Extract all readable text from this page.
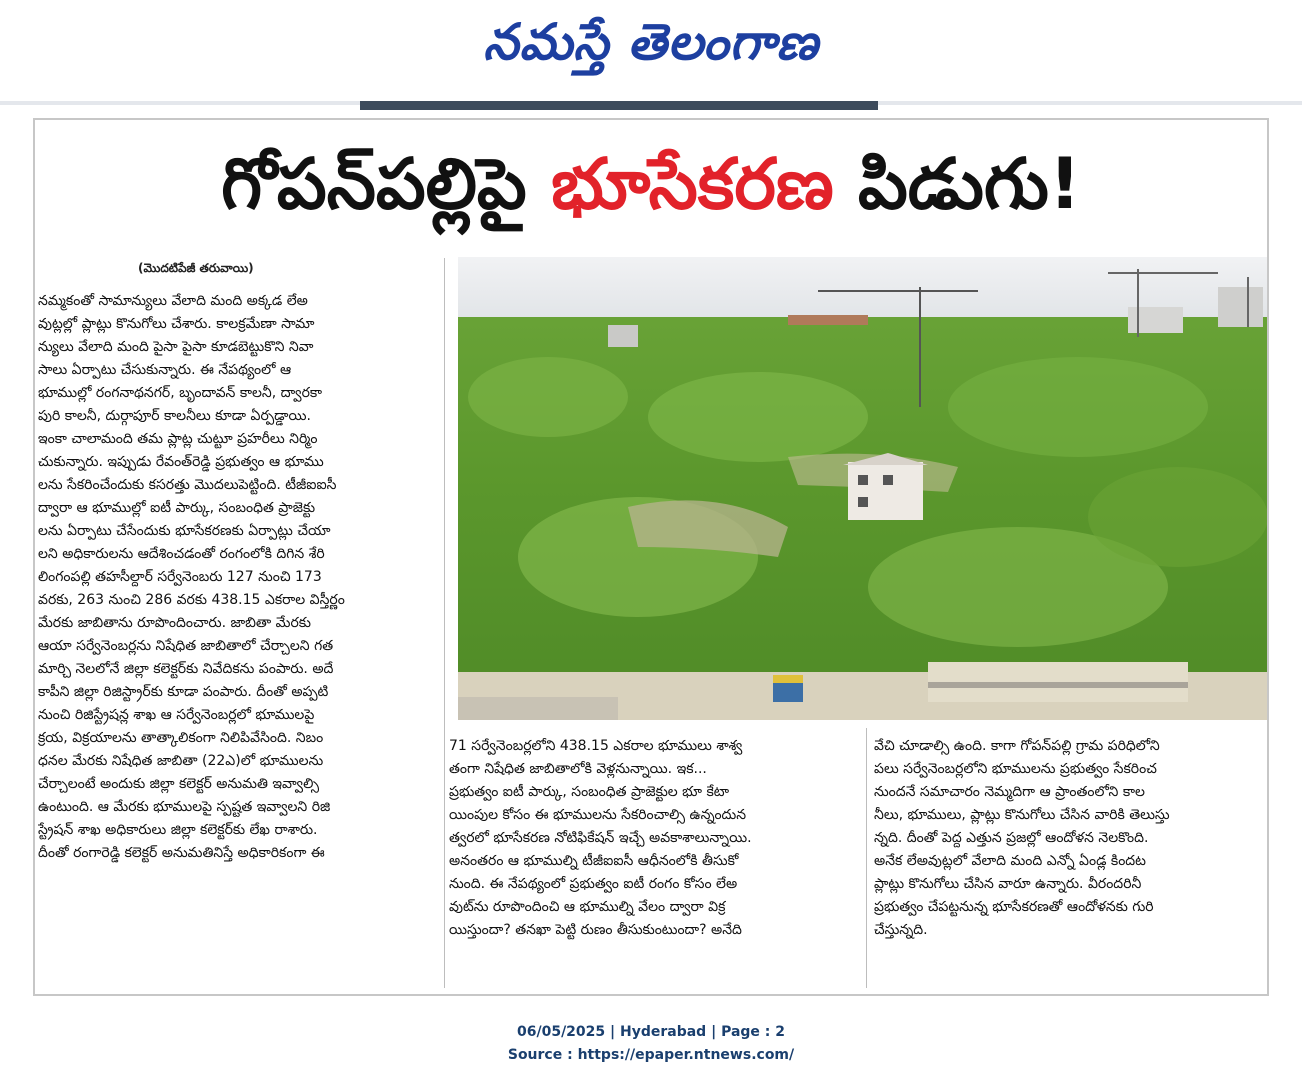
నమస్తే తెలంగాణ
గోపన్‌పల్లిపై భూసేకరణ పిడుగు!
(మొదటిపేజీ తరువాయి)
నమ్మకంతో సామాన్యులు వేలాది మంది అక్కడ లేఅ
వుట్లల్లో ప్లాట్లు కొనుగోలు చేశారు. కాలక్రమేణా సామా
న్యులు వేలాది మంది పైసా పైసా కూడబెట్టుకొని నివా
సాలు ఏర్పాటు చేసుకున్నారు. ఈ నేపథ్యంలో ఆ
భూముల్లో రంగనాథనగర్, బృందావన్ కాలనీ, ద్వారకా
పురి కాలనీ, దుర్గాపూర్ కాలనీలు కూడా ఏర్పడ్డాయి.
ఇంకా చాలామంది తమ ప్లాట్ల చుట్టూ ప్రహరీలు నిర్మిం
చుకున్నారు. ఇప్పుడు రేవంత్‌రెడ్డి ప్రభుత్వం ఆ భూము
లను సేకరించేందుకు కసరత్తు మొదలుపెట్టింది. టీజీఐఐసీ
ద్వారా ఆ భూముల్లో ఐటీ పార్కు, సంబంధిత ప్రాజెక్టు
లను ఏర్పాటు చేసేందుకు భూసేకరణకు ఏర్పాట్లు చేయా
లని అధికారులను ఆదేశించడంతో రంగంలోకి దిగిన శేరి
లింగంపల్లి తహసీల్దార్ సర్వేనెంబరు 127 నుంచి 173
వరకు, 263 నుంచి 286 వరకు 438.15 ఎకరాల విస్తీర్ణం
మేరకు జాబితాను రూపొందించారు. జాబితా మేరకు
ఆయా సర్వేనెంబర్లను నిషేధిత జాబితాలో చేర్చాలని గత
మార్చి నెలలోనే జిల్లా కలెక్టర్‌కు నివేదికను పంపారు. అదే
కాపీని జిల్లా రిజిస్ట్రార్‌కు కూడా పంపారు. దీంతో అప్పటి
నుంచి రిజిస్ట్రేషన్ల శాఖ ఆ సర్వేనెంబర్లలో భూములపై
క్రయ, విక్రయాలను తాత్కాలికంగా నిలిపివేసింది. నిబం
ధనల మేరకు నిషేధిత జాబితా (22ఎ)లో భూములను
చేర్చాలంటే అందుకు జిల్లా కలెక్టర్ అనుమతి ఇవ్వాల్సి
ఉంటుంది. ఆ మేరకు భూములపై స్పష్టత ఇవ్వాలని రిజి
స్ట్రేషన్ శాఖ అధికారులు జిల్లా కలెక్టర్‌కు లేఖ రాశారు.
దీంతో రంగారెడ్డి కలెక్టర్ అనుమతినిస్తే అధికారికంగా ఈ
71 సర్వేనెంబర్లలోని 438.15 ఎకరాల భూములు శాశ్వ
తంగా నిషేధిత జాబితాలోకి వెళ్లనున్నాయి. ఇక...
ప్రభుత్వం ఐటీ పార్కు, సంబంధిత ప్రాజెక్టుల భూ కేటా
యింపుల కోసం ఈ భూములను సేకరించాల్సి ఉన్నందున
త్వరలో భూసేకరణ నోటిఫికేషన్ ఇచ్చే అవకాశాలున్నాయి.
అనంతరం ఆ భూముల్ని టీజీఐఐసీ ఆధీనంలోకి తీసుకో
నుంది. ఈ నేపథ్యంలో ప్రభుత్వం ఐటీ రంగం కోసం లేఅ
వుట్‌ను రూపొందించి ఆ భూముల్ని వేలం ద్వారా విక్ర
యిస్తుందా? తనఖా పెట్టి రుణం తీసుకుంటుందా? అనేది
వేచి చూడాల్సి ఉంది. కాగా గోపన్‌పల్లి గ్రామ పరిధిలోని
పలు సర్వేనెంబర్లలోని భూములను ప్రభుత్వం సేకరించ
నుందనే సమాచారం నెమ్మదిగా ఆ ప్రాంతంలోని కాల
నీలు, భూములు, ప్లాట్లు కొనుగోలు చేసిన వారికి తెలుస్తు
న్నది. దీంతో పెద్ద ఎత్తున ప్రజల్లో ఆందోళన నెలకొంది.
అనేక లేఅవుట్లలో వేలాది మంది ఎన్నో ఏండ్ల కిందట
ప్లాట్లు కొనుగోలు చేసిన వారూ ఉన్నారు. వీరందరినీ
ప్రభుత్వం చేపట్టనున్న భూసేకరణతో ఆందోళనకు గురి
చేస్తున్నది.
06/05/2025 | Hyderabad | Page : 2
Source : https://epaper.ntnews.com/
